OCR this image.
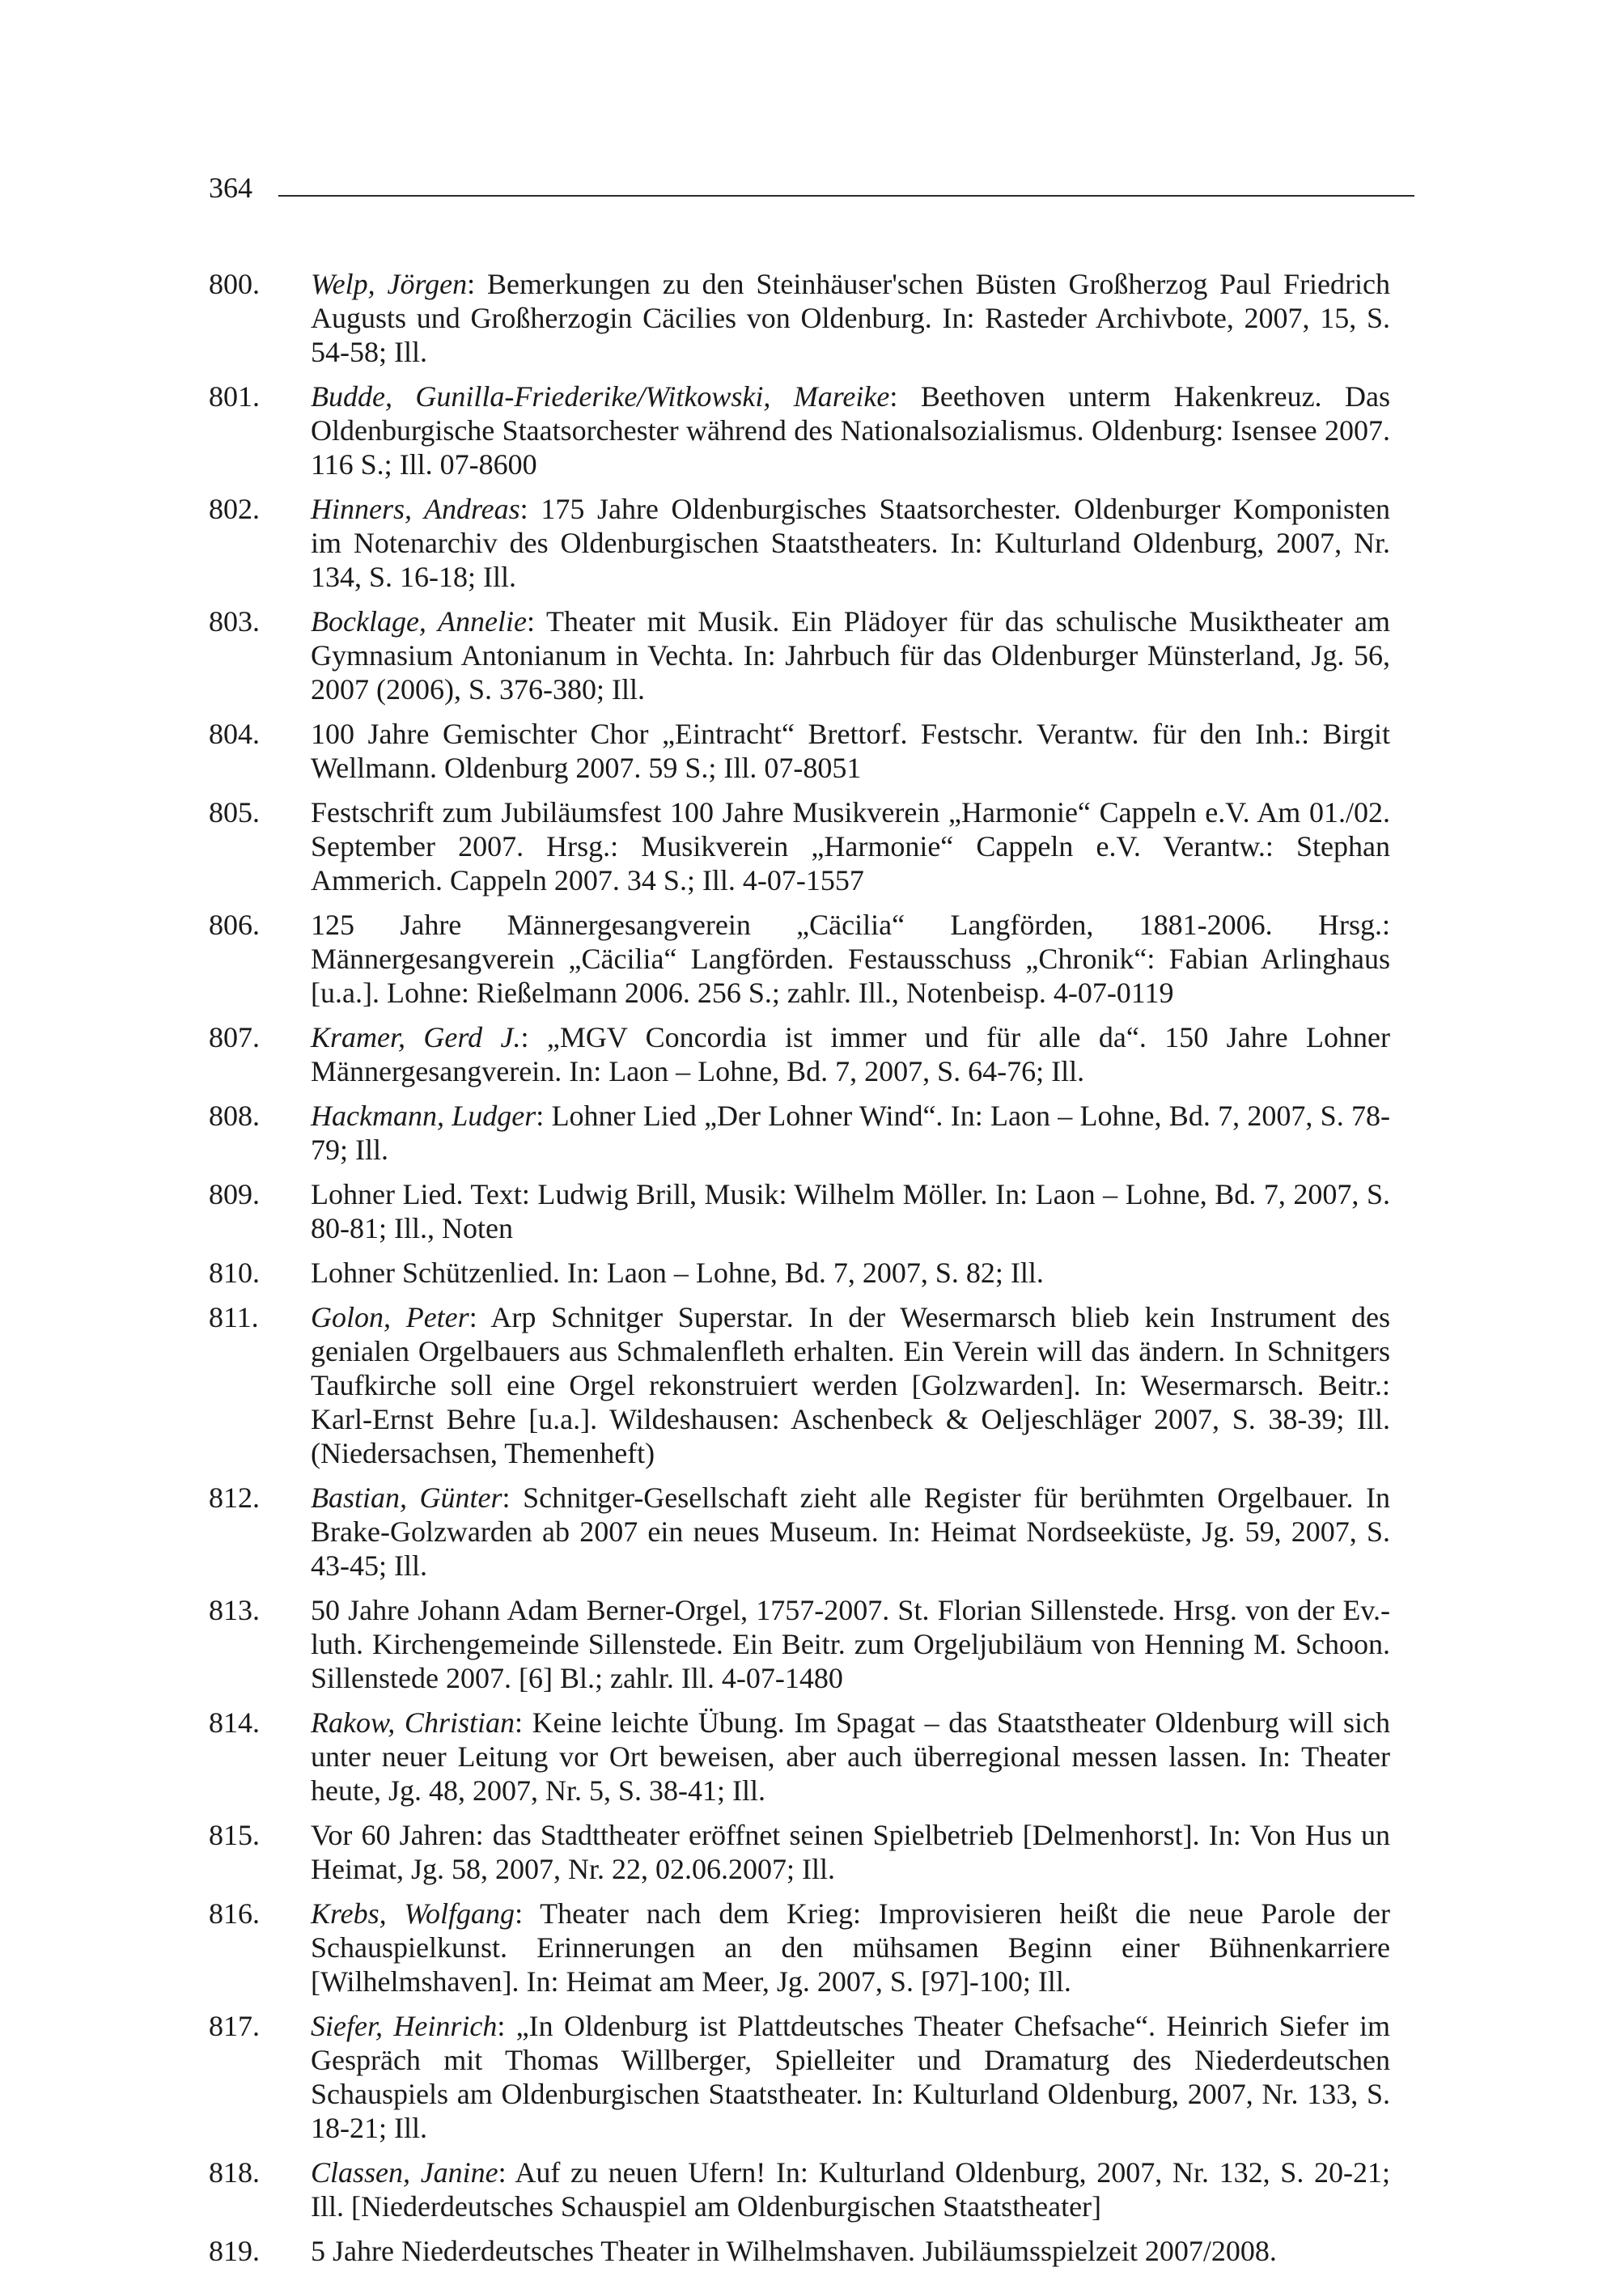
364
800. Welp, Jörgen: Bemerkungen zu den Steinhäuser'schen Büsten Großherzog Paul Friedrich Augusts und Großherzogin Cäcilies von Oldenburg. In: Rasteder Archivbote, 2007, 15, S. 54-58; Ill.
801. Budde, Gunilla-Friederike/Witkowski, Mareike: Beethoven unterm Hakenkreuz. Das Oldenburgische Staatsorchester während des Nationalsozialismus. Oldenburg: Isensee 2007. 116 S.; Ill. 07-8600
802. Hinners, Andreas: 175 Jahre Oldenburgisches Staatsorchester. Oldenburger Komponisten im Notenarchiv des Oldenburgischen Staatstheaters. In: Kulturland Oldenburg, 2007, Nr. 134, S. 16-18; Ill.
803. Bocklage, Annelie: Theater mit Musik. Ein Plädoyer für das schulische Musiktheater am Gymnasium Antonianum in Vechta. In: Jahrbuch für das Oldenburger Münsterland, Jg. 56, 2007 (2006), S. 376-380; Ill.
804. 100 Jahre Gemischter Chor „Eintracht“ Brettorf. Festschr. Verantw. für den Inh.: Birgit Wellmann. Oldenburg 2007. 59 S.; Ill. 07-8051
805. Festschrift zum Jubiläumsfest 100 Jahre Musikverein „Harmonie“ Cappeln e.V. Am 01./02. September 2007. Hrsg.: Musikverein „Harmonie“ Cappeln e.V. Verantw.: Stephan Ammerich. Cappeln 2007. 34 S.; Ill. 4-07-1557
806. 125 Jahre Männergesangverein „Cäcilia“ Langförden, 1881-2006. Hrsg.: Männergesangverein „Cäcilia“ Langförden. Festausschuss „Chronik“: Fabian Arlinghaus [u.a.]. Lohne: Rießelmann 2006. 256 S.; zahlr. Ill., Notenbeisp. 4-07-0119
807. Kramer, Gerd J.: „MGV Concordia ist immer und für alle da“. 150 Jahre Lohner Männergesangverein. In: Laon – Lohne, Bd. 7, 2007, S. 64-76; Ill.
808. Hackmann, Ludger: Lohner Lied „Der Lohner Wind“. In: Laon – Lohne, Bd. 7, 2007, S. 78-79; Ill.
809. Lohner Lied. Text: Ludwig Brill, Musik: Wilhelm Möller. In: Laon – Lohne, Bd. 7, 2007, S. 80-81; Ill., Noten
810. Lohner Schützenlied. In: Laon – Lohne, Bd. 7, 2007, S. 82; Ill.
811. Golon, Peter: Arp Schnitger Superstar. In der Wesermarsch blieb kein Instrument des genialen Orgelbauers aus Schmalenfleth erhalten. Ein Verein will das ändern. In Schnitgers Taufkirche soll eine Orgel rekonstruiert werden [Golzwarden]. In: Wesermarsch. Beitr.: Karl-Ernst Behre [u.a.]. Wildeshausen: Aschenbeck & Oeljeschläger 2007, S. 38-39; Ill. (Niedersachsen, Themenheft)
812. Bastian, Günter: Schnitger-Gesellschaft zieht alle Register für berühmten Orgelbauer. In Brake-Golzwarden ab 2007 ein neues Museum. In: Heimat Nordseeküste, Jg. 59, 2007, S. 43-45; Ill.
813. 50 Jahre Johann Adam Berner-Orgel, 1757-2007. St. Florian Sillenstede. Hrsg. von der Ev.-luth. Kirchengemeinde Sillenstede. Ein Beitr. zum Orgeljubiläum von Henning M. Schoon. Sillenstede 2007. [6] Bl.; zahlr. Ill. 4-07-1480
814. Rakow, Christian: Keine leichte Übung. Im Spagat – das Staatstheater Oldenburg will sich unter neuer Leitung vor Ort beweisen, aber auch überregional messen lassen. In: Theater heute, Jg. 48, 2007, Nr. 5, S. 38-41; Ill.
815. Vor 60 Jahren: das Stadttheater eröffnet seinen Spielbetrieb [Delmenhorst]. In: Von Hus un Heimat, Jg. 58, 2007, Nr. 22, 02.06.2007; Ill.
816. Krebs, Wolfgang: Theater nach dem Krieg: Improvisieren heißt die neue Parole der Schauspielkunst. Erinnerungen an den mühsamen Beginn einer Bühnenkarriere [Wilhelmshaven]. In: Heimat am Meer, Jg. 2007, S. [97]-100; Ill.
817. Siefer, Heinrich: „In Oldenburg ist Plattdeutsches Theater Chefsache“. Heinrich Siefer im Gespräch mit Thomas Willberger, Spielleiter und Dramaturg des Niederdeutschen Schauspiels am Oldenburgischen Staatstheater. In: Kulturland Oldenburg, 2007, Nr. 133, S. 18-21; Ill.
818. Classen, Janine: Auf zu neuen Ufern! In: Kulturland Oldenburg, 2007, Nr. 132, S. 20-21; Ill. [Niederdeutsches Schauspiel am Oldenburgischen Staatstheater]
819. 5 Jahre Niederdeutsches Theater in Wilhelmshaven. Jubiläumsspielzeit 2007/2008.
